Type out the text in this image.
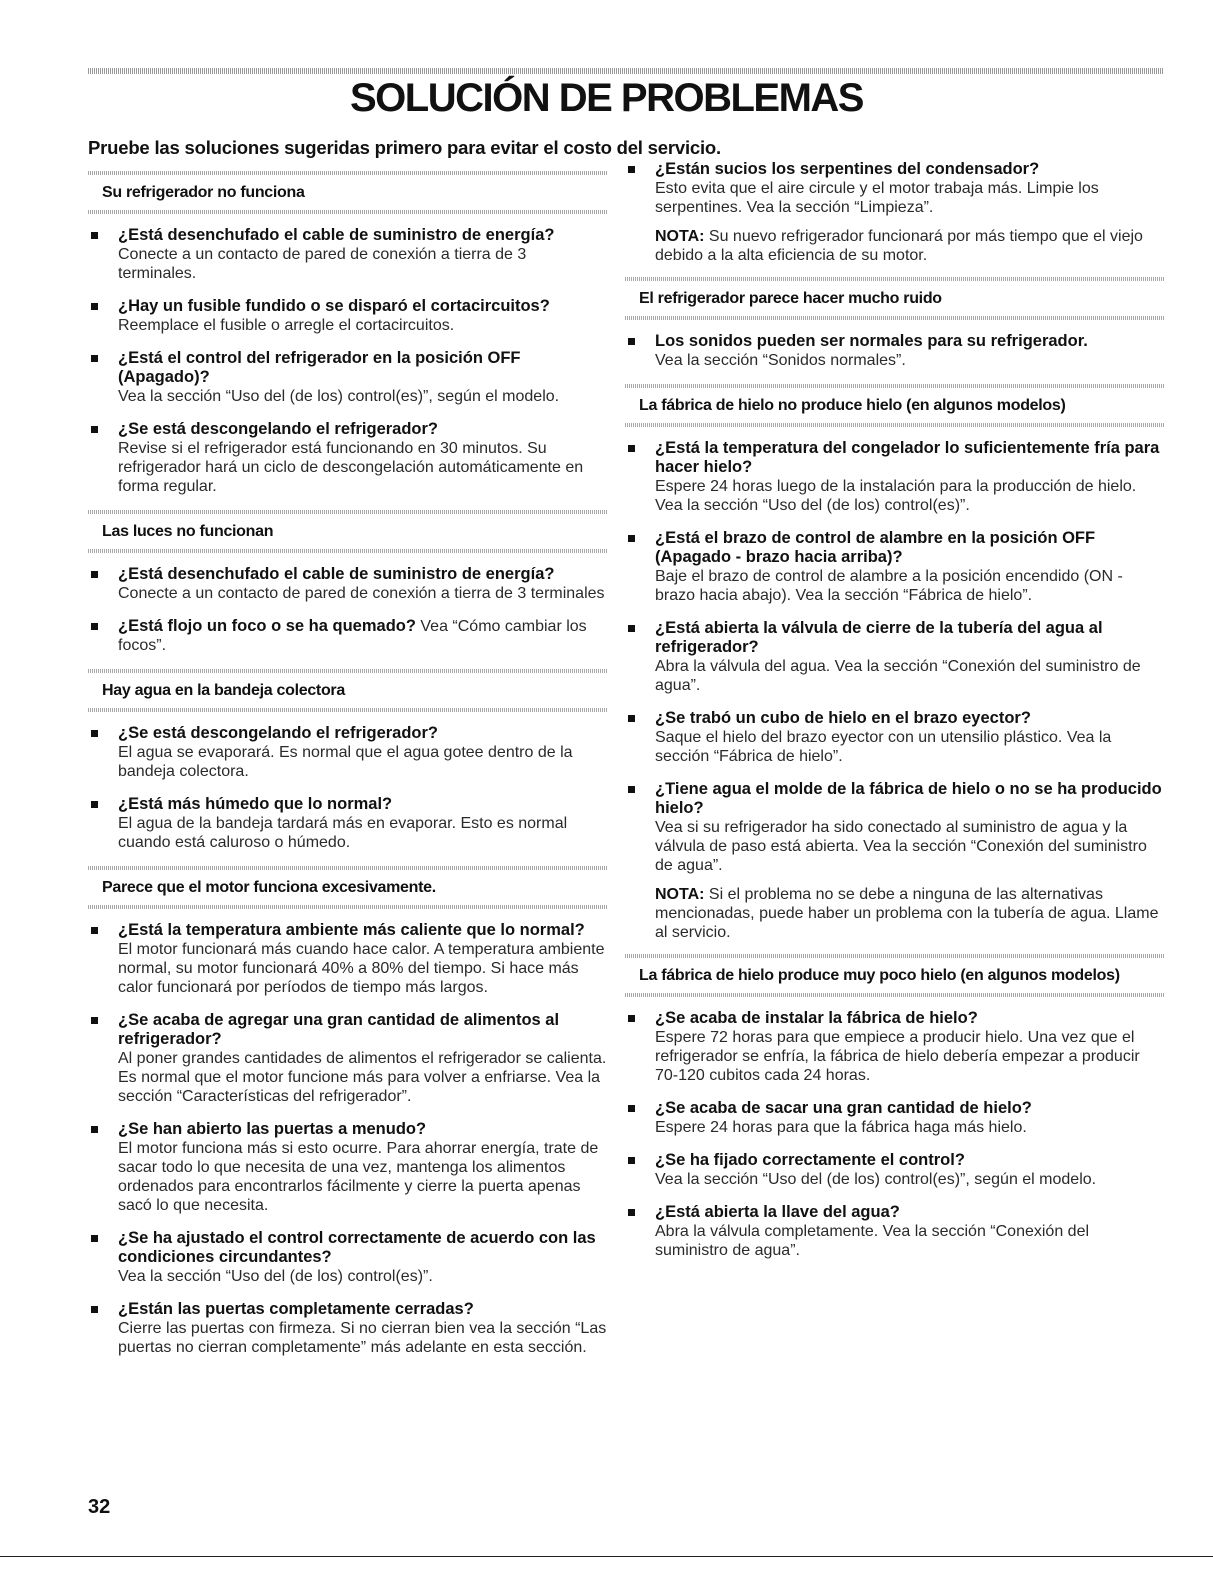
SOLUCIÓN DE PROBLEMAS
Pruebe las soluciones sugeridas primero para evitar el costo del servicio.
Su refrigerador no funciona
¿Está desenchufado el cable de suministro de energía?
Conecte a un contacto de pared de conexión a tierra de 3 terminales.
¿Hay un fusible fundido o se disparó el cortacircuitos?
Reemplace el fusible o arregle el cortacircuitos.
¿Está el control del refrigerador en la posición OFF (Apagado)?
Vea la sección “Uso del (de los) control(es)”, según el modelo.
¿Se está descongelando el refrigerador?
Revise si el refrigerador está funcionando en 30 minutos. Su refrigerador hará un ciclo de descongelación automáticamente en forma regular.
Las luces no funcionan
¿Está desenchufado el cable de suministro de energía?
Conecte a un contacto de pared de conexión a tierra de 3 terminales
¿Está flojo un foco o se ha quemado? Vea “Cómo cambiar los focos”.
Hay agua en la bandeja colectora
¿Se está descongelando el refrigerador?
El agua se evaporará. Es normal que el agua gotee dentro de la bandeja colectora.
¿Está más húmedo que lo normal?
El agua de la bandeja tardará más en evaporar. Esto es normal cuando está caluroso o húmedo.
Parece que el motor funciona excesivamente.
¿Está la temperatura ambiente más caliente que lo normal?
El motor funcionará más cuando hace calor. A temperatura ambiente normal, su motor funcionará 40% a 80% del tiempo. Si hace más calor funcionará por períodos de tiempo más largos.
¿Se acaba de agregar una gran cantidad de alimentos al refrigerador?
Al poner grandes cantidades de alimentos el refrigerador se calienta. Es normal que el motor funcione más para volver a enfriarse. Vea la sección “Características del refrigerador”.
¿Se han abierto las puertas a menudo?
El motor funciona más si esto ocurre. Para ahorrar energía, trate de sacar todo lo que necesita de una vez, mantenga los alimentos ordenados para encontrarlos fácilmente y cierre la puerta apenas sacó lo que necesita.
¿Se ha ajustado el control correctamente de acuerdo con las condiciones circundantes?
Vea la sección “Uso del (de los) control(es)”.
¿Están las puertas completamente cerradas?
Cierre las puertas con firmeza. Si no cierran bien vea la sección “Las puertas no cierran completamente” más adelante en esta sección.
¿Están sucios los serpentines del condensador?
Esto evita que el aire circule y el motor trabaja más. Limpie los serpentines. Vea la sección “Limpieza”.
NOTA: Su nuevo refrigerador funcionará por más tiempo que el viejo debido a la alta eficiencia de su motor.
El refrigerador parece hacer mucho ruido
Los sonidos pueden ser normales para su refrigerador.
Vea la sección “Sonidos normales”.
La fábrica de hielo no produce hielo (en algunos modelos)
¿Está la temperatura del congelador lo suficientemente fría para hacer hielo?
Espere 24 horas luego de la instalación para la producción de hielo. Vea la sección “Uso del (de los) control(es)”.
¿Está el brazo de control de alambre en la posición OFF (Apagado - brazo hacia arriba)?
Baje el brazo de control de alambre a la posición encendido (ON - brazo hacia abajo). Vea la sección “Fábrica de hielo”.
¿Está abierta la válvula de cierre de la tubería del agua al refrigerador?
Abra la válvula del agua. Vea la sección “Conexión del suministro de agua”.
¿Se trabó un cubo de hielo en el brazo eyector?
Saque el hielo del brazo eyector con un utensilio plástico. Vea la sección “Fábrica de hielo”.
¿Tiene agua el molde de la fábrica de hielo o no se ha producido hielo?
Vea si su refrigerador ha sido conectado al suministro de agua y la válvula de paso está abierta. Vea la sección “Conexión del suministro de agua”.
NOTA: Si el problema no se debe a ninguna de las alternativas mencionadas, puede haber un problema con la tubería de agua. Llame al servicio.
La fábrica de hielo produce muy poco hielo (en algunos modelos)
¿Se acaba de instalar la fábrica de hielo?
Espere 72 horas para que empiece a producir hielo. Una vez que el refrigerador se enfría, la fábrica de hielo debería empezar a producir 70-120 cubitos cada 24 horas.
¿Se acaba de sacar una gran cantidad de hielo?
Espere 24 horas para que la fábrica haga más hielo.
¿Se ha fijado correctamente el control?
Vea la sección “Uso del (de los) control(es)”, según el modelo.
¿Está abierta la llave del agua?
Abra la válvula completamente. Vea la sección “Conexión del suministro de agua”.
32
